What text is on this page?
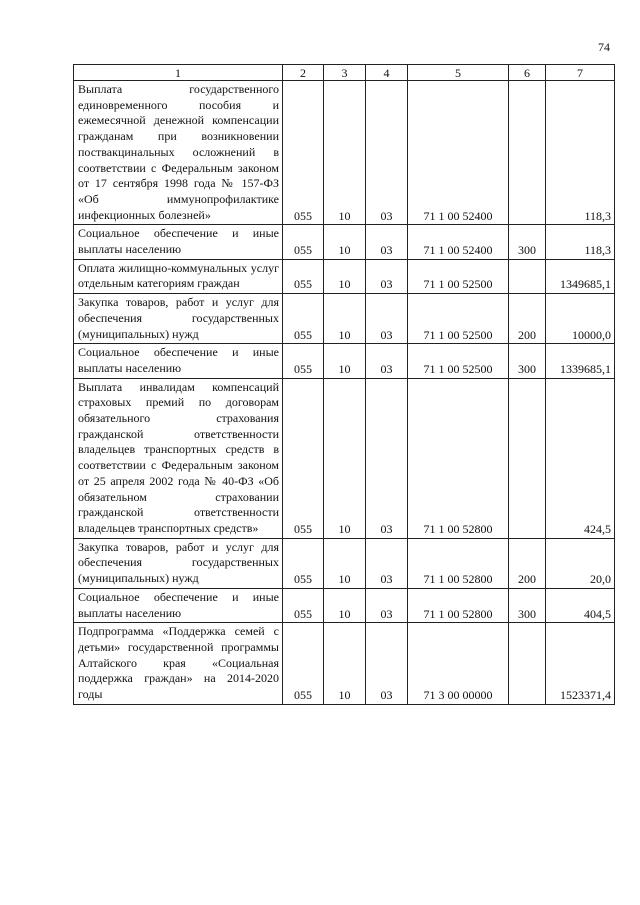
74
1	2	3	4	5	6	7
Выплата государственного единовременного пособия и ежемесячной денежной компенсации гражданам при возникновении поствакцинальных осложнений в соответствии с Федеральным законом от 17 сентября 1998 года № 157-ФЗ «Об иммунопрофилактике инфекционных болезней»	055	10	03	71 1 00 52400		118,3
Социальное обеспечение и иные выплаты населению	055	10	03	71 1 00 52400	300	118,3
Оплата жилищно-коммунальных услуг отдельным категориям граждан	055	10	03	71 1 00 52500		1349685,1
Закупка товаров, работ и услуг для обеспечения государственных (муниципальных) нужд	055	10	03	71 1 00 52500	200	10000,0
Социальное обеспечение и иные выплаты населению	055	10	03	71 1 00 52500	300	1339685,1
Выплата инвалидам компенсаций страховых премий по договорам обязательного страхования гражданской ответственности владельцев транспортных средств в соответствии с Федеральным законом от 25 апреля 2002 года № 40-ФЗ «Об обязательном страховании гражданской ответственности владельцев транспортных средств»	055	10	03	71 1 00 52800		424,5
Закупка товаров, работ и услуг для обеспечения государственных (муниципальных) нужд	055	10	03	71 1 00 52800	200	20,0
Социальное обеспечение и иные выплаты населению	055	10	03	71 1 00 52800	300	404,5
Подпрограмма «Поддержка семей с детьми» государственной программы Алтайского края «Социальная поддержка граждан» на 2014-2020 годы	055	10	03	71 3 00 00000		1523371,4
